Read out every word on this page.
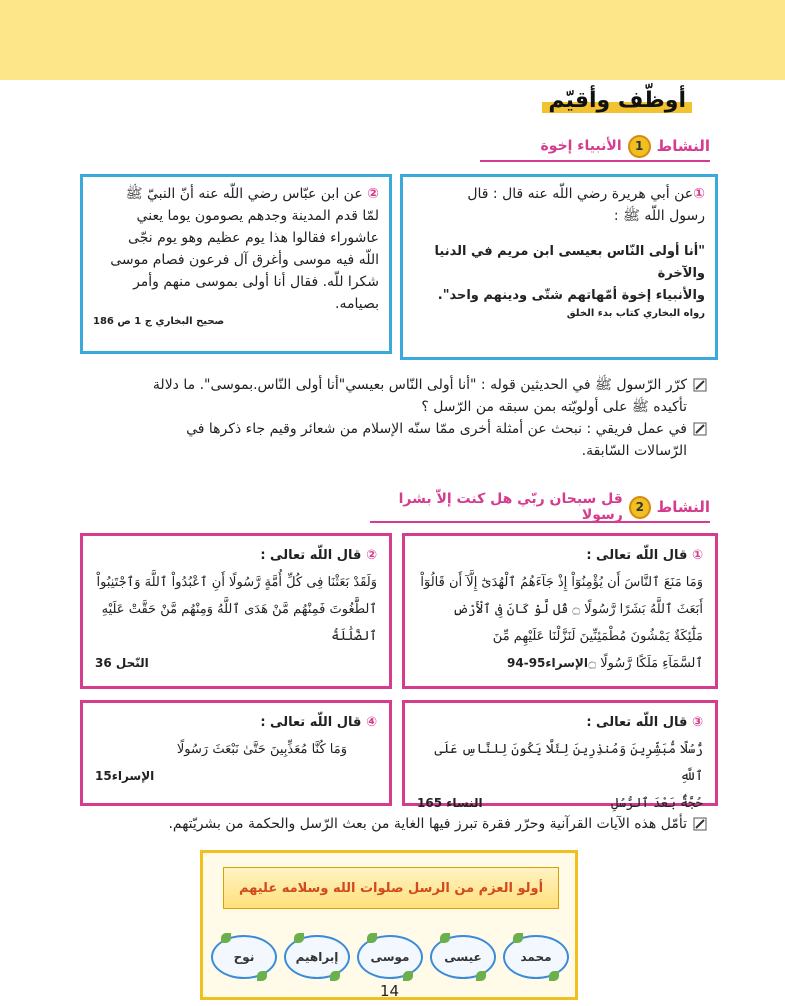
أوظّف وأقيّم
النشاط
1
الأنبياء إخوة
①عن أبي هريرة رضي اللّه عنه قال : قال
رسول اللّه ﷺ :
"أنا أولى النّاس بعيسى ابن مريم في الدنيا والآخرة
والأنبياء إخوة أمّهاتهم شتّى ودينهم واحد".
رواه البخاري كتاب بدء الخلق
② عن ابن عبّاس رضي اللّه عنه أنّ النبيّ ﷺ
لمّا قدم المدينة وجدهم يصومون يوما يعني
عاشوراء فقالوا هذا يوم عظيم وهو يوم نجّى
اللّه فيه موسى وأغرق آل فرعون فصام موسى
شكرا للّه. فقال أنا أولى بموسى منهم وأمر
بصيامه.
صحيح البخاري ج 1 ص 186
كرّر الرّسول ﷺ في الحديثين قوله : "أنا أولى النّاس بعيسي"أنا أولى النّاس.بموسى". ما دلالة
تأكيده ﷺ على أولويّته بمن سبقه من الرّسل ؟
في عمل فريقي : نبحث عن أمثلة أخرى ممّا سنّه الإسلام من شعائر وقيم جاء ذكرها في
الرّسالات السّابقة.
النشاط
2
قل سبحان ربّي هل كنت إلاّ بشرا رسولا
① قال اللّه تعالى :
وَمَا مَنَعَ ٱلنَّاسَ أَن يُؤْمِنُوٓاْ إِذْ جَآءَهُمُ ٱلْهُدَىٰٓ إِلَّآ أَن قَالُوٓاْ
أَبَعَثَ ٱللَّهُ بَشَرًا رَّسُولًا ۝ قُل لَّوْ كَانَ فِى ٱلْأَرْضِ
مَلَٰٓئِكَةٌ يَمْشُونَ مُطْمَئِنِّينَ لَنَزَّلْنَا عَلَيْهِم مِّنَ
ٱلسَّمَآءِ مَلَكًا رَّسُولًا ۝
الإسراء95-94
② قال اللّه تعالى :
وَلَقَدْ بَعَثْنَا فِى كُلِّ أُمَّةٍ رَّسُولًا أَنِ ٱعْبُدُواْ ٱللَّهَ وَٱجْتَنِبُواْ
ٱلطَّٰغُوتَ فَمِنْهُم مَّنْ هَدَى ٱللَّهُ وَمِنْهُم مَّنْ حَقَّتْ عَلَيْهِ
ٱلضَّلَٰلَةُ
النّحل 36
③ قال اللّه تعالى :
رُّسُلًا مُّبَشِّرِينَ وَمُنذِرِينَ لِئَلَّا يَكُونَ لِلنَّاسِ عَلَى ٱللَّهِ
حُجَّةٌۢ بَعْدَ ٱلرُّسُلِ
النساء 165
④ قال اللّه تعالى :
وَمَا كُنَّا مُعَذِّبِينَ حَتَّىٰ نَبْعَثَ رَسُولًا
الإسراء15
تأمّل هذه الآيات القرآنية وحرّر فقرة تبرز فيها الغاية من بعث الرّسل والحكمة من بشريّتهم.
أولو العزم من الرسل صلوات الله وسلامه عليهم
نوح	إبراهيم	موسى	عيسى	محمد
14
